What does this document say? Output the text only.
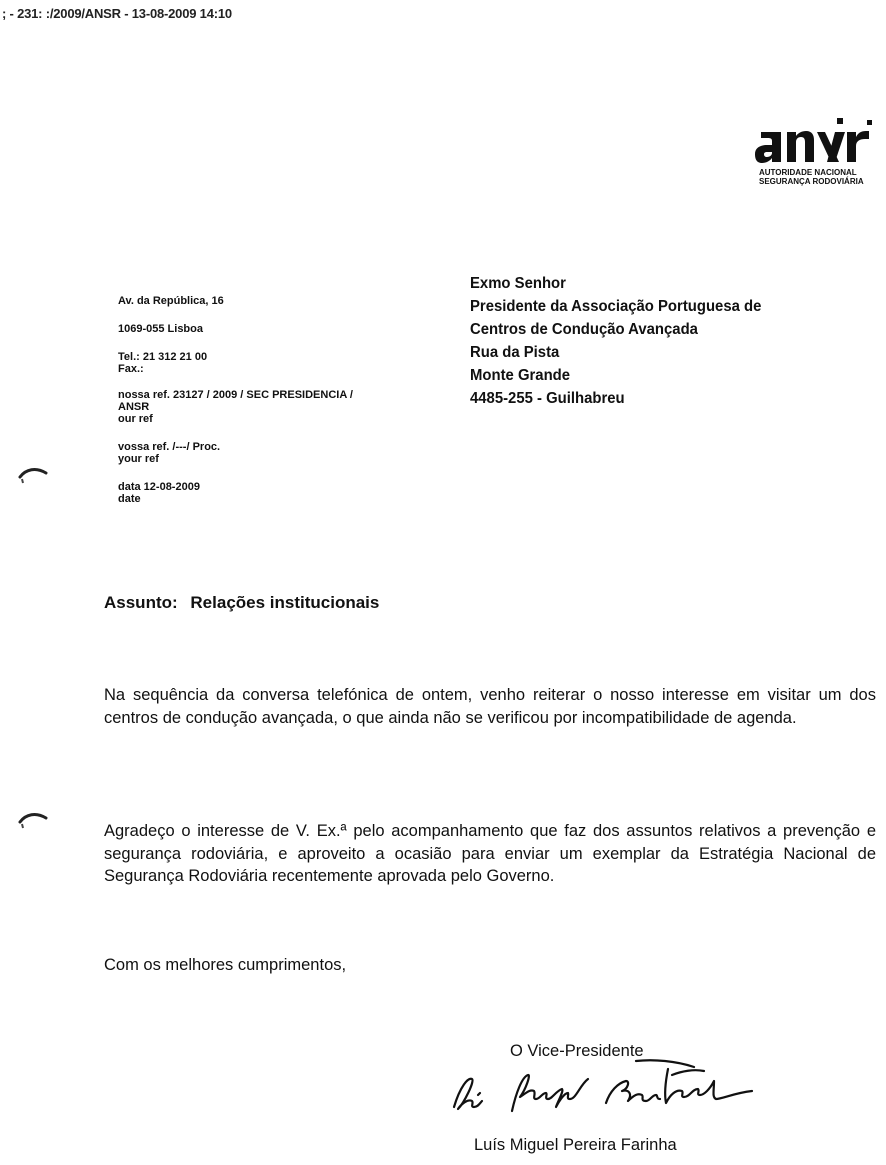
; - 231: :/2009/ANSR - 13-08-2009 14:10
AUTORIDADE NACIONAL
SEGURANÇA RODOVIÁRIA
Av. da República, 16
1069-055 Lisboa
Tel.: 21 312 21 00
Fax.:
nossa ref. 23127 / 2009 / SEC PRESIDENCIA /
ANSR
our ref
vossa ref. /---/ Proc.
your ref
data 12-08-2009
date
Exmo Senhor
Presidente da Associação Portuguesa de
Centros de Condução Avançada
Rua da Pista
Monte Grande
4485-255 - Guilhabreu
Assunto: Relações institucionais

Na sequência da conversa telefónica de ontem, venho reiterar o nosso interesse em visitar um dos centros de condução avançada, o que ainda não se verificou por incompatibilidade de agenda.

Agradeço o interesse de V. Ex.ª pelo acompanhamento que faz dos assuntos relativos a prevenção e segurança rodoviária, e aproveito a ocasião para enviar um exemplar da Estratégia Nacional de Segurança Rodoviária recentemente aprovada pelo Governo.

Com os melhores cumprimentos,
O Vice-Presidente
Luís Miguel Pereira Farinha
